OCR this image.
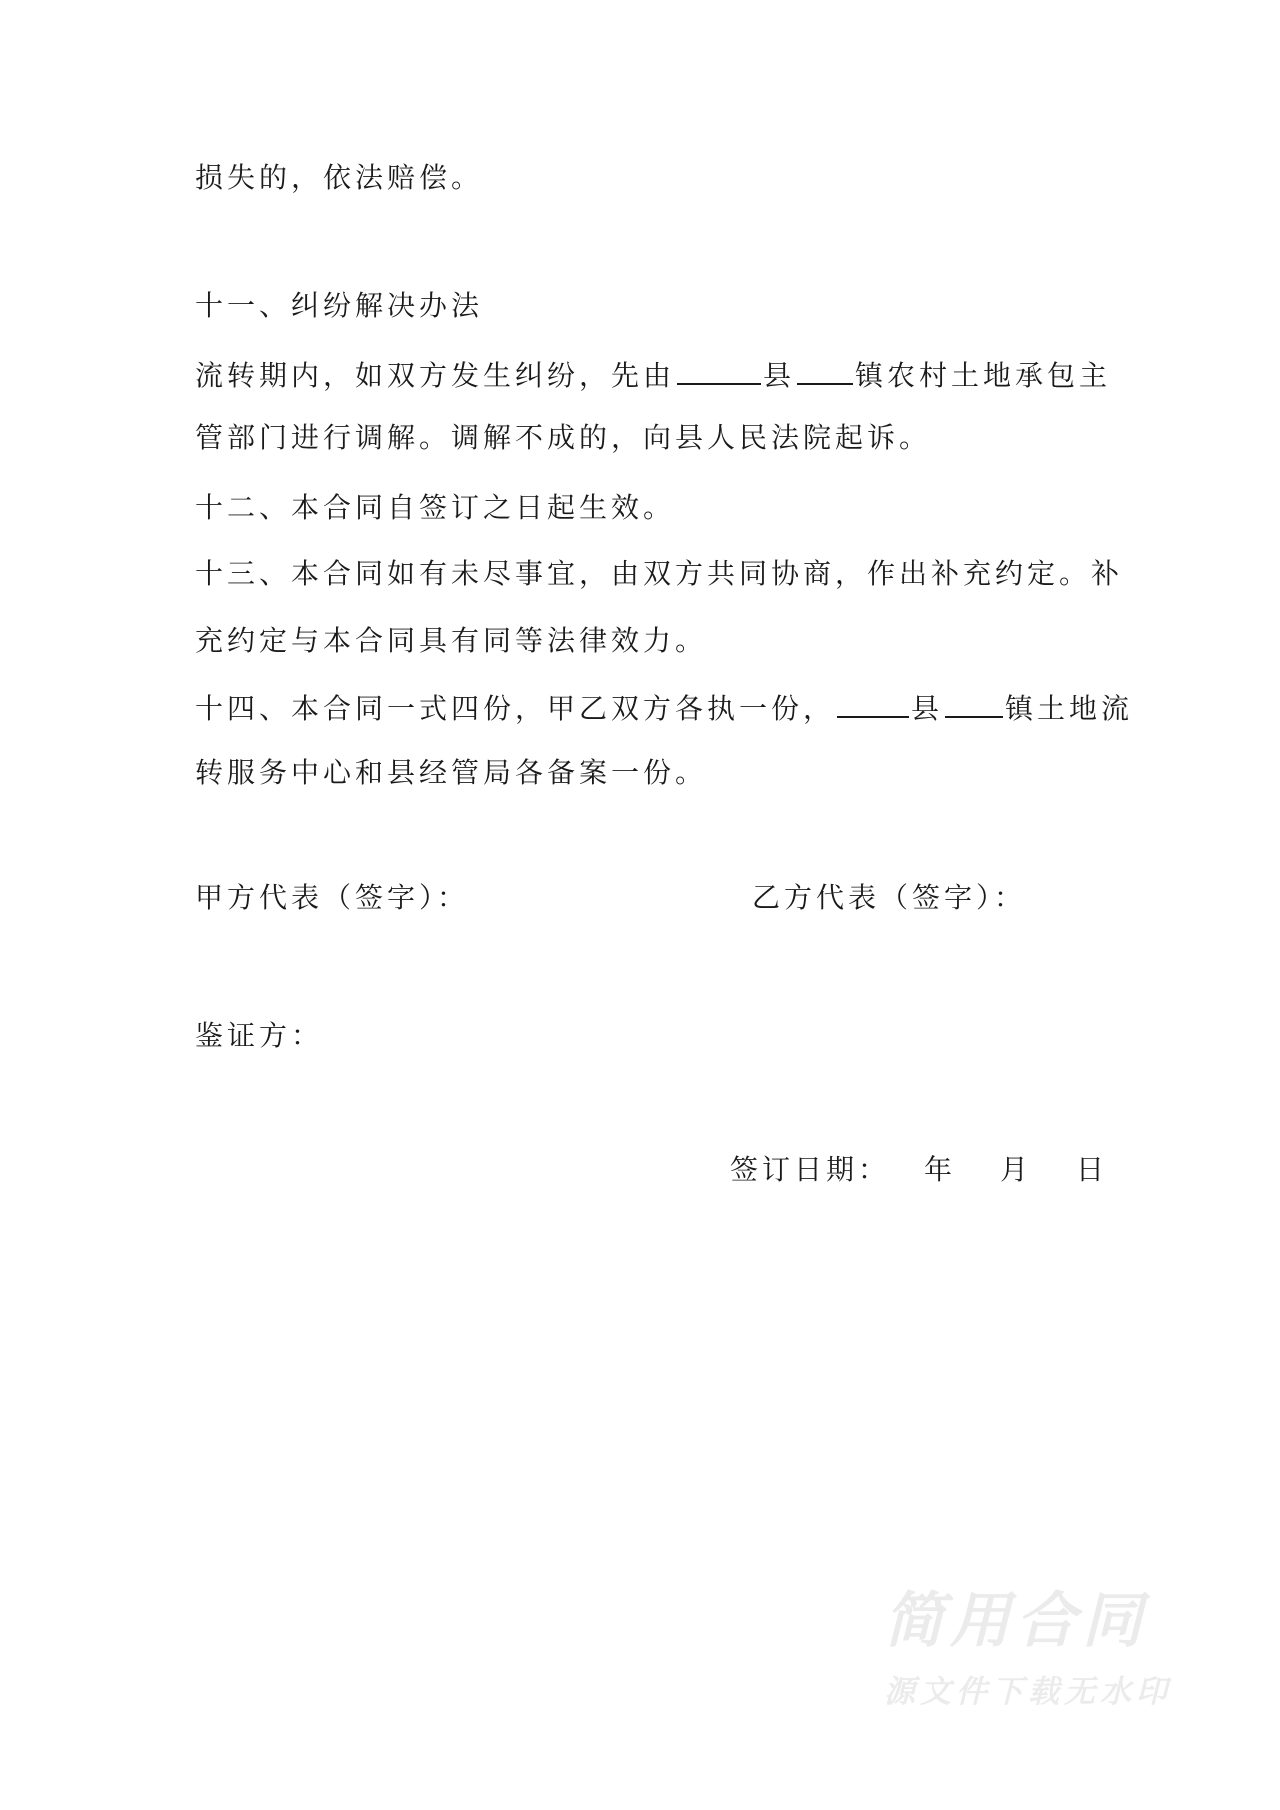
损失的，依法赔偿。
十一、纠纷解决办法
流转期内，如双方发生纠纷，先由	县 镇农村土地承包主
管部门进行调解。调解不成的，向县人民法院起诉。
十二、本合同自签订之日起生效。
十三、本合同如有未尽事宜，由双方共同协商，作出补充约定。补
充约定与本合同具有同等法律效力。
十四、本合同一式四份，甲乙双方各执一份，	县 镇土地流
转服务中心和县经管局各备案一份。
甲方代表（签字）：	乙方代表（签字）：
鉴证方：
签订日期： 年 月 日
简用合同
源文件下载无水印
